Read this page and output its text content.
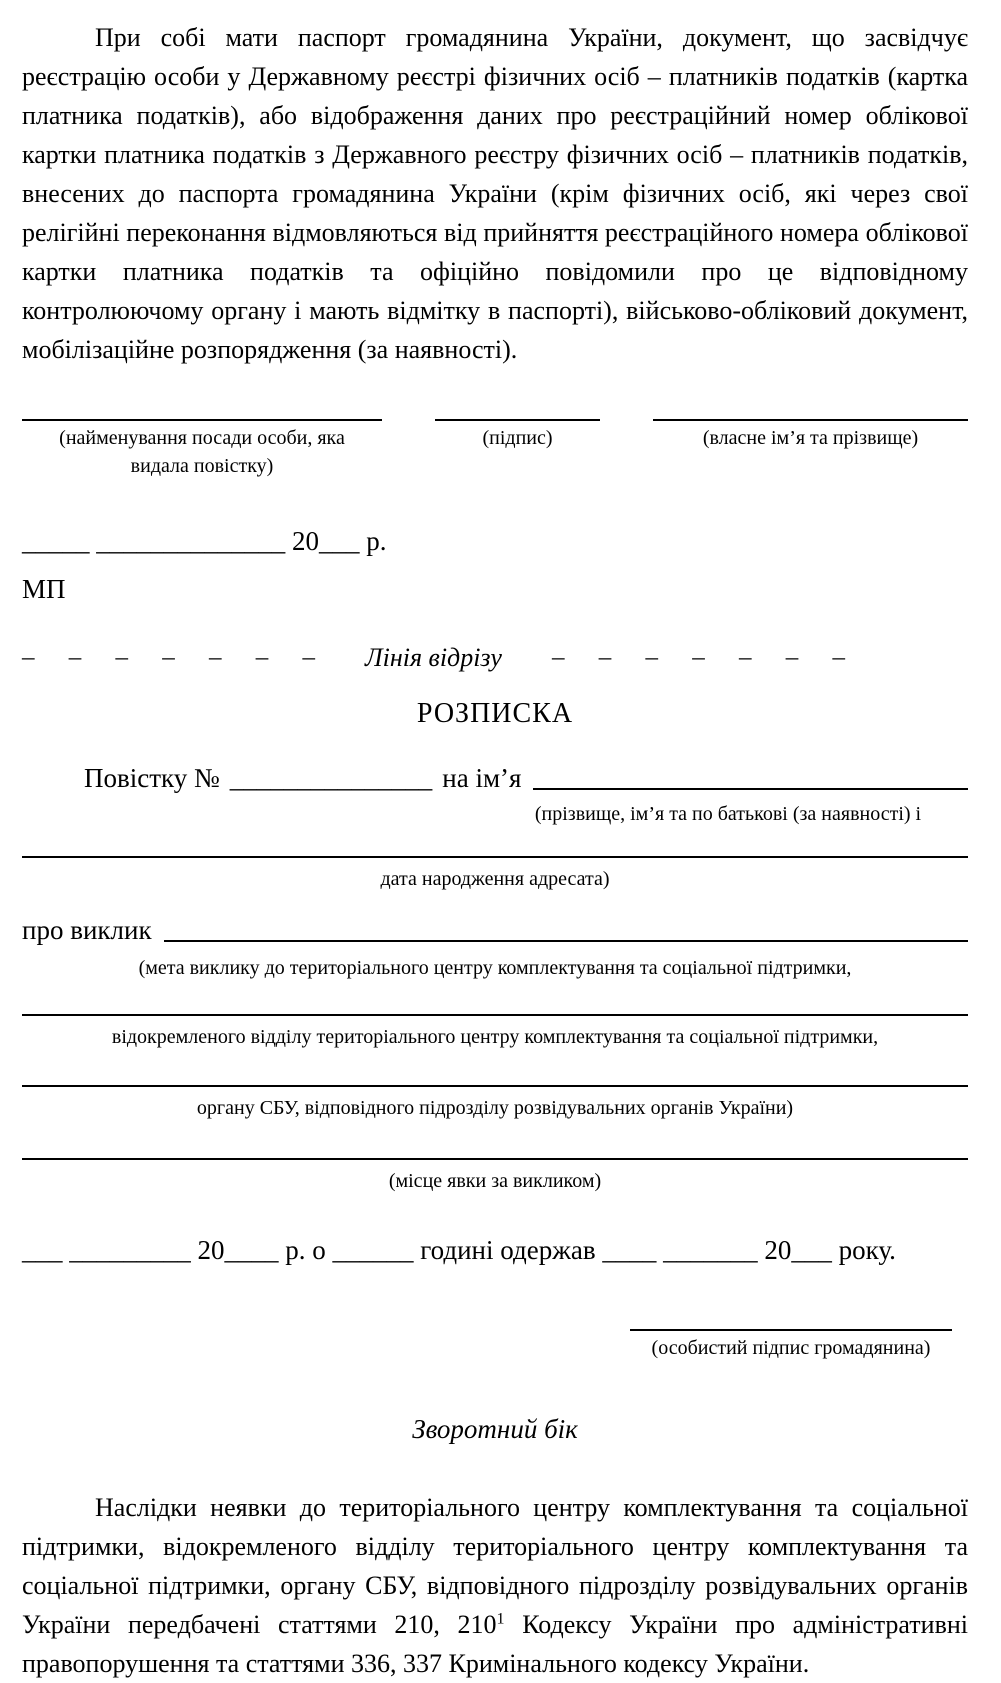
При собі мати паспорт громадянина України, документ, що засвідчує реєстрацію особи у Державному реєстрі фізичних осіб – платників податків (картка платника податків), або відображення даних про реєстраційний номер облікової картки платника податків з Державного реєстру фізичних осіб – платників податків, внесених до паспорта громадянина України (крім фізичних осіб, які через свої релігійні переконання відмовляються від прийняття реєстраційного номера облікової картки платника податків та офіційно повідомили про це відповідному контролюючому органу і мають відмітку в паспорті), військово-обліковий документ, мобілізаційне розпорядження (за наявності).

(найменування посади особи, яка
видала повістку)
(підпис)	(власне ім’я та прізвище)

_____ ______________ 20___ р.

МП

– – – – – – – Лінія відрізу – – – – – – –
РОЗПИСКА
Повістку № _______________ на ім’я
(прізвище, ім’я та по батькові (за наявності) і
дата народження адресата)
про виклик
(мета виклику до територіального центру комплектування та соціальної підтримки,
відокремленого відділу територіального центру комплектування та соціальної підтримки,
органу СБУ, відповідного підрозділу розвідувальних органів України)
(місце явки за викликом)

___ _________ 20____ р. о ______ годині одержав ____ _______ 20___ року.

(особистий підпис громадянина)
Зворотний бік

Наслідки неявки до територіального центру комплектування та соціальної підтримки, відокремленого відділу територіального центру комплектування та соціальної підтримки, органу СБУ, відповідного підрозділу розвідувальних органів України передбачені статтями 210, $210^1$ Кодексу України про адміністративні правопорушення та статтями 336, 337 Кримінального кодексу України.
